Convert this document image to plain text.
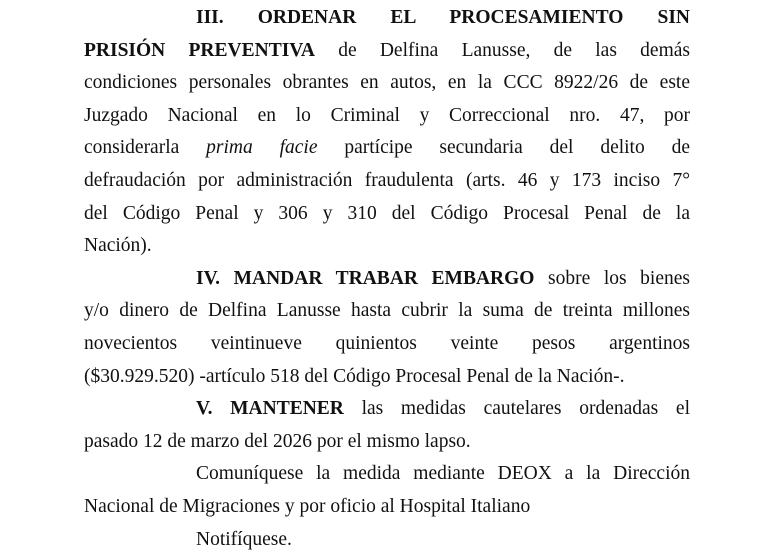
III. ORDENAR EL PROCESAMIENTO SIN
PRISIÓN PREVENTIVA de Delfina Lanusse, de las demás
condiciones personales obrantes en autos, en la CCC 8922/26 de este
Juzgado Nacional en lo Criminal y Correccional nro. 47, por
considerarla prima facie partícipe secundaria del delito de
defraudación por administración fraudulenta (arts. 46 y 173 inciso 7°
del Código Penal y 306 y 310 del Código Procesal Penal de la
Nación).
IV. MANDAR TRABAR EMBARGO sobre los bienes
y/o dinero de Delfina Lanusse hasta cubrir la suma de treinta millones
novecientos veintinueve quinientos veinte pesos argentinos
($30.929.520) -artículo 518 del Código Procesal Penal de la Nación-.
V. MANTENER las medidas cautelares ordenadas el
pasado 12 de marzo del 2026 por el mismo lapso.
Comuníquese la medida mediante DEOX a la Dirección
Nacional de Migraciones y por oficio al Hospital Italiano
Notifíquese.
